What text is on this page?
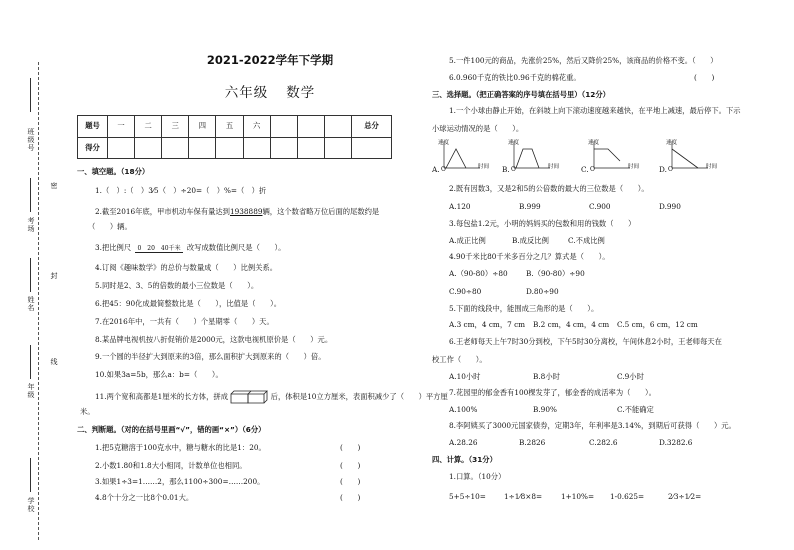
班级号
考场
姓名
年级
学校
密
封
线
2021-2022学年下学期
六年级 数学
题号	一	二	三	四	五	六				总分
得分										
一、填空题。（18分）
1.（　）:（　）3⁄5（　）÷20=（　）%=（　）折
2.截至2016年底，甲市机动车保有量达到1938889辆，这个数省略万位后面的尾数约是
（　　）辆。
3.把比例尺 0　20　40千米 改写成数值比例尺是（　　）。
4.订阅《趣味数学》的总价与数量成（　　）比例关系。
5.同时是2、3、5的倍数的最小三位数是（　　）。
6.把45：90化成最简整数比是（　　），比值是（　　）。
7.在2016年中，一共有（　　）个星期零（　　）天。
8.某品牌电视机按八折促销价是2000元，这款电视机原价是（　　）元。
9.一个圆的半径扩大到原来的3倍，那么面积扩大到原来的（　　）倍。
10.如果3a=5b，那么a：b=（　　）。
11.两个宽和高都是1厘米的长方体，拼成	后，体积是10立方厘米，表面积减少了（　　）平方厘
米。
二、判断题。（对的在括号里画“√”，错的画“×”）（6分）
1.把5克糖溶于100克水中，糖与糖水的比是1：20。	(　　)
2.小数1.80和1.8大小相同，计数单位也相同。	(　　)
3.如果1÷3=1……2，那么1100÷300=……200。	(　　)
4.8个十分之一比8个0.01大。	(　　)
5.一件100元的商品，先涨价25%，然后又降价25%，该商品的价格不变。（　　）
6.0.960千克的铁比0.96千克的棉花重。	(　　)
三、选择题。（把正确答案的序号填在括号里）（12分）
1.一个小球由静止开始，在斜坡上向下滚动速度越来越快，在平地上减速，最后停下。下示
小球运动情况的是（　　）。
速度
时间
速度
时间
速度
时间
速度
时间
A. O	B. O	C. O	D. O
2.既有因数3，又是2和5的公倍数的最大的三位数是（　　）。
A.120	B.999	C.900	D.990
3.每包盐1.2元，小明的妈妈买的包数和用的钱数（　　）
A.成正比例	B.成反比例	C.不成比例
4.90千米比80千米多百分之几？算式是（　　）。
A.（90-80）÷80	B.（90-80）÷90
C.90÷80	D.80÷90
5.下面的线段中，能围成三角形的是（　　）。
A.3 cm，4 cm，7 cm B.2 cm，4 cm，4 cm C.5 cm，6 cm，12 cm
6.王老师每天上午7时30分到校，下午5时30分离校，午间休息2小时，王老师每天在
校工作（　　）。
A.10小时	B.8小时	C.9小时
7.花园里的郁金香有100棵发芽了，郁金香的成活率为（　　）。
A.100%	B.90%	C.不能确定
8.李阿姨买了3000元国家债券，定期3年，年利率是3.14%，到期后可获得（　　）元。
A.28.26	B.2826	C.282.6	D.3282.6
四、计算。（31分）
1.口算。（10分）
5+5÷10= 1÷1⁄8×8=	1+10%= 1-0.625=	2⁄3÷1⁄2=
